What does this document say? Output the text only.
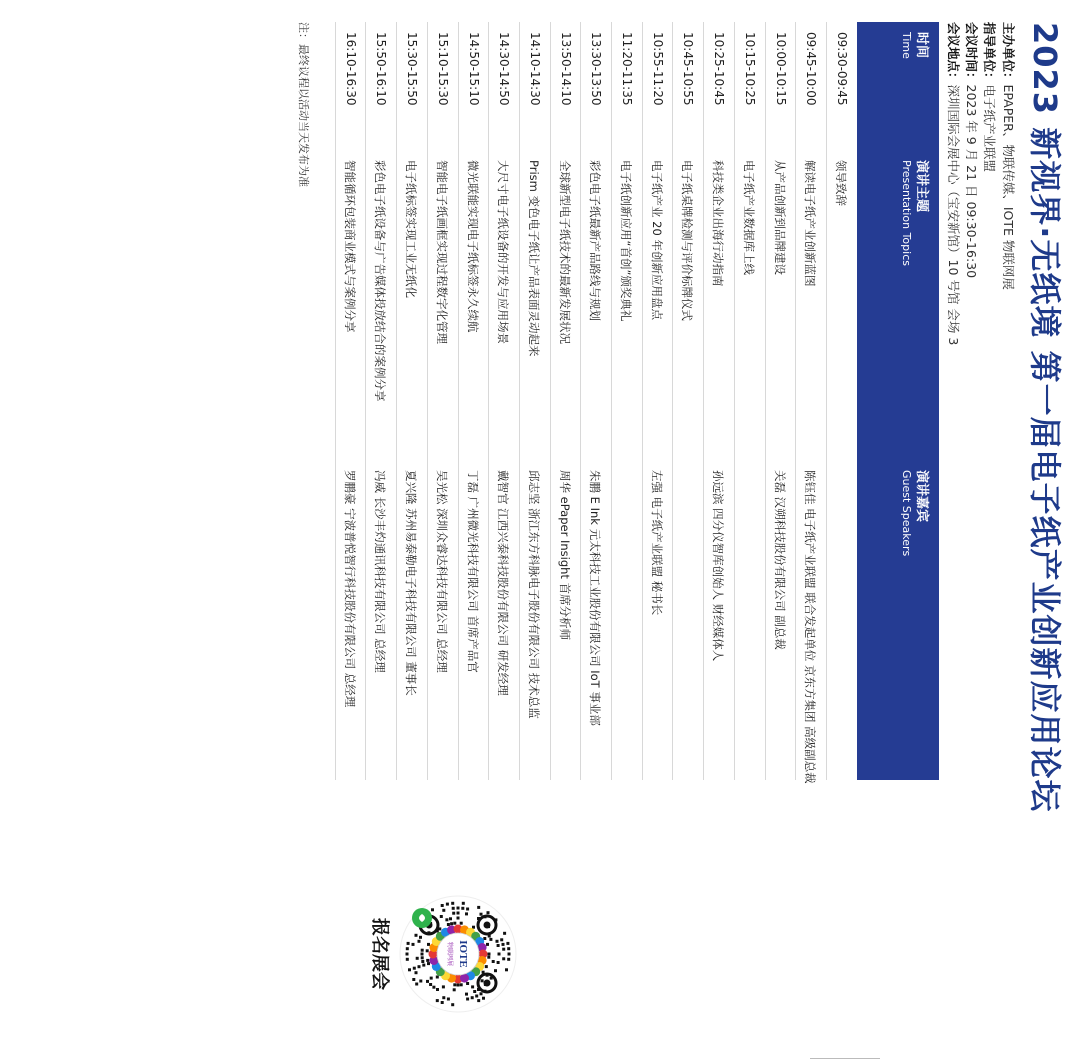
2023 新视界·无纸境 第一届电子纸产业创新应用论坛
主办单位：EPAPER、物联传媒、IOTE 物联网展
指导单位：电子纸产业联盟
会议时间：2023 年 9 月 21 日 09:30-16:30
会议地点：深圳国际会展中心（宝安新馆）10 号馆 会场 3
时间
Time
演讲主题
Presentation Topics
演讲嘉宾
Guest Speakers
09:30-09:45
领导致辞
09:45-10:00
解读电子纸产业创新蓝图
陈钰佳 电子纸产业联盟 联合发起单位 京东方集团 高级副总裁
10:00-10:15
从产品创新到品牌建设
关磊 汉朔科技股份有限公司 副总裁
10:15-10:25
电子纸产业数据库上线
10:25-10:45
科技类企业出海行动指南
孙远滨 四分仪智库创始人 财经媒体人
10:45-10:55
电子纸桌牌检测与评价标牌仪式
10:55-11:20
电子纸产业 20 年创新应用盘点
左强 电子纸产业联盟 秘书长
11:20-11:35
电子纸创新应用“首创”颁奖典礼
13:30-13:50
彩色电子纸最新产品路线与规划
朱鹏 E Ink 元太科技工业股份有限公司 IoT 事业部
13:50-14:10
全球新型电子纸技术的最新发展状况
周华 ePaper Insight 首席分析师
14:10-14:30
Prism 变色电子纸让产品表面灵动起来
邱志坚 浙江东方科脉电子股份有限公司 技术总监
14:30-14:50
大尺寸电子纸设备的开发与应用场景
戴智官 江西兴泰科技股份有限公司 研发经理
14:50-15:10
微光联能实现电子纸标签永久续航
丁磊 广州微光科技有限公司 首席产品官
15:10-15:30
智能电子纸画框实现过程数字化管理
吴光松 深圳众睿达科技有限公司 总经理
15:30-15:50
电子纸标签实现工业无纸化
夏兴隆 苏州易泰勒电子科技有限公司 董事长
15:50-16:10
彩色电子纸设备与广告媒体投放结合的案例分享
冯威 长沙丰灼通讯科技有限公司 总经理
16:10-16:30
智能循环包装商业模式与案例分享
罗鹏豪 宁波普悦智行科技股份有限公司 总经理
注：最终议程以活动当天发布为准
IOTE
物联网展
报名展会
